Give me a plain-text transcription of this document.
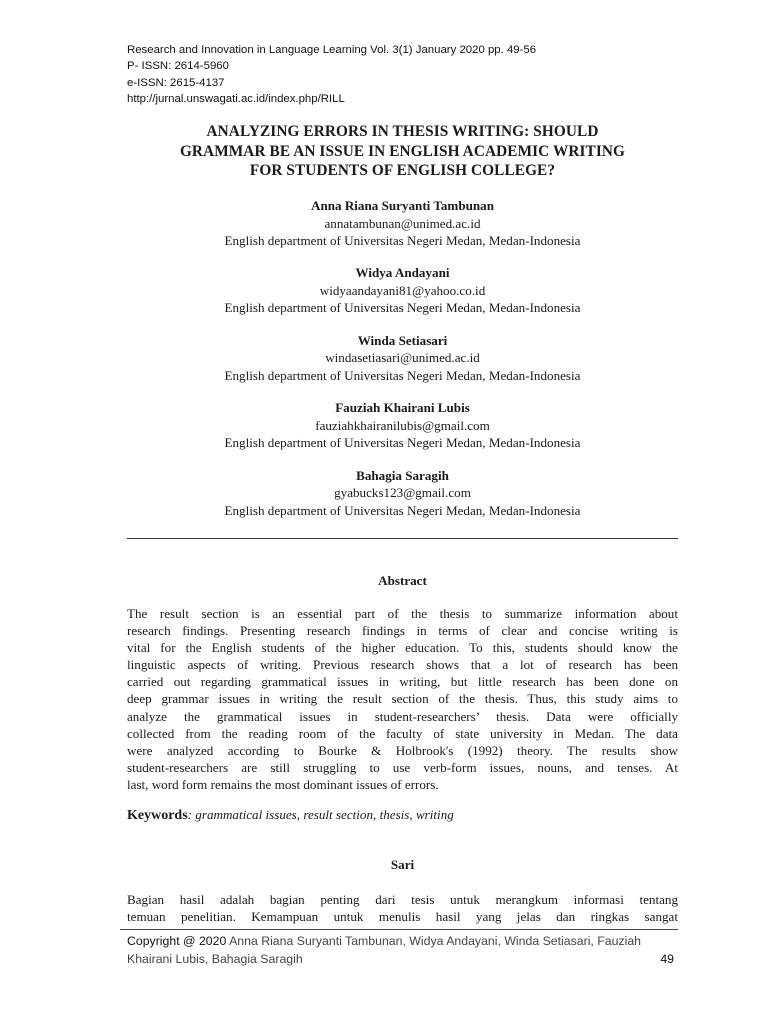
Research and Innovation in Language Learning Vol. 3(1) January 2020 pp. 49-56
P- ISSN: 2614-5960
e-ISSN: 2615-4137
http://jurnal.unswagati.ac.id/index.php/RILL
ANALYZING ERRORS IN THESIS WRITING: SHOULD
GRAMMAR BE AN ISSUE IN ENGLISH ACADEMIC WRITING
FOR STUDENTS OF ENGLISH COLLEGE?
Anna Riana Suryanti Tambunan
annatambunan@unimed.ac.id
English department of Universitas Negeri Medan, Medan-Indonesia
Widya Andayani
widyaandayani81@yahoo.co.id
English department of Universitas Negeri Medan, Medan-Indonesia
Winda Setiasari
windasetiasari@unimed.ac.id
English department of Universitas Negeri Medan, Medan-Indonesia
Fauziah Khairani Lubis
fauziahkhairanilubis@gmail.com
English department of Universitas Negeri Medan, Medan-Indonesia
Bahagia Saragih
gyabucks123@gmail.com
English department of Universitas Negeri Medan, Medan-Indonesia
Abstract
The result section is an essential part of the thesis to summarize information about
research findings. Presenting research findings in terms of clear and concise writing is
vital for the English students of the higher education. To this, students should know the
linguistic aspects of writing. Previous research shows that a lot of research has been
carried out regarding grammatical issues in writing, but little research has been done on
deep grammar issues in writing the result section of the thesis. Thus, this study aims to
analyze the grammatical issues in student-researchers’ thesis. Data were officially
collected from the reading room of the faculty of state university in Medan. The data
were analyzed according to Bourke & Holbrook's (1992) theory. The results show
student-researchers are still struggling to use verb-form issues, nouns, and tenses. At
last, word form remains the most dominant issues of errors.
Keywords: grammatical issues, result section, thesis, writing
Sari
Bagian hasil adalah bagian penting dari tesis untuk merangkum informasi tentang
temuan penelitian. Kemampuan untuk menulis hasil yang jelas dan ringkas sangat
Copyright @ 2020 Anna Riana Suryanti Tambunan, Widya Andayani, Winda Setiasari, Fauziah
Khairani Lubis, Bahagia Saragih	49
